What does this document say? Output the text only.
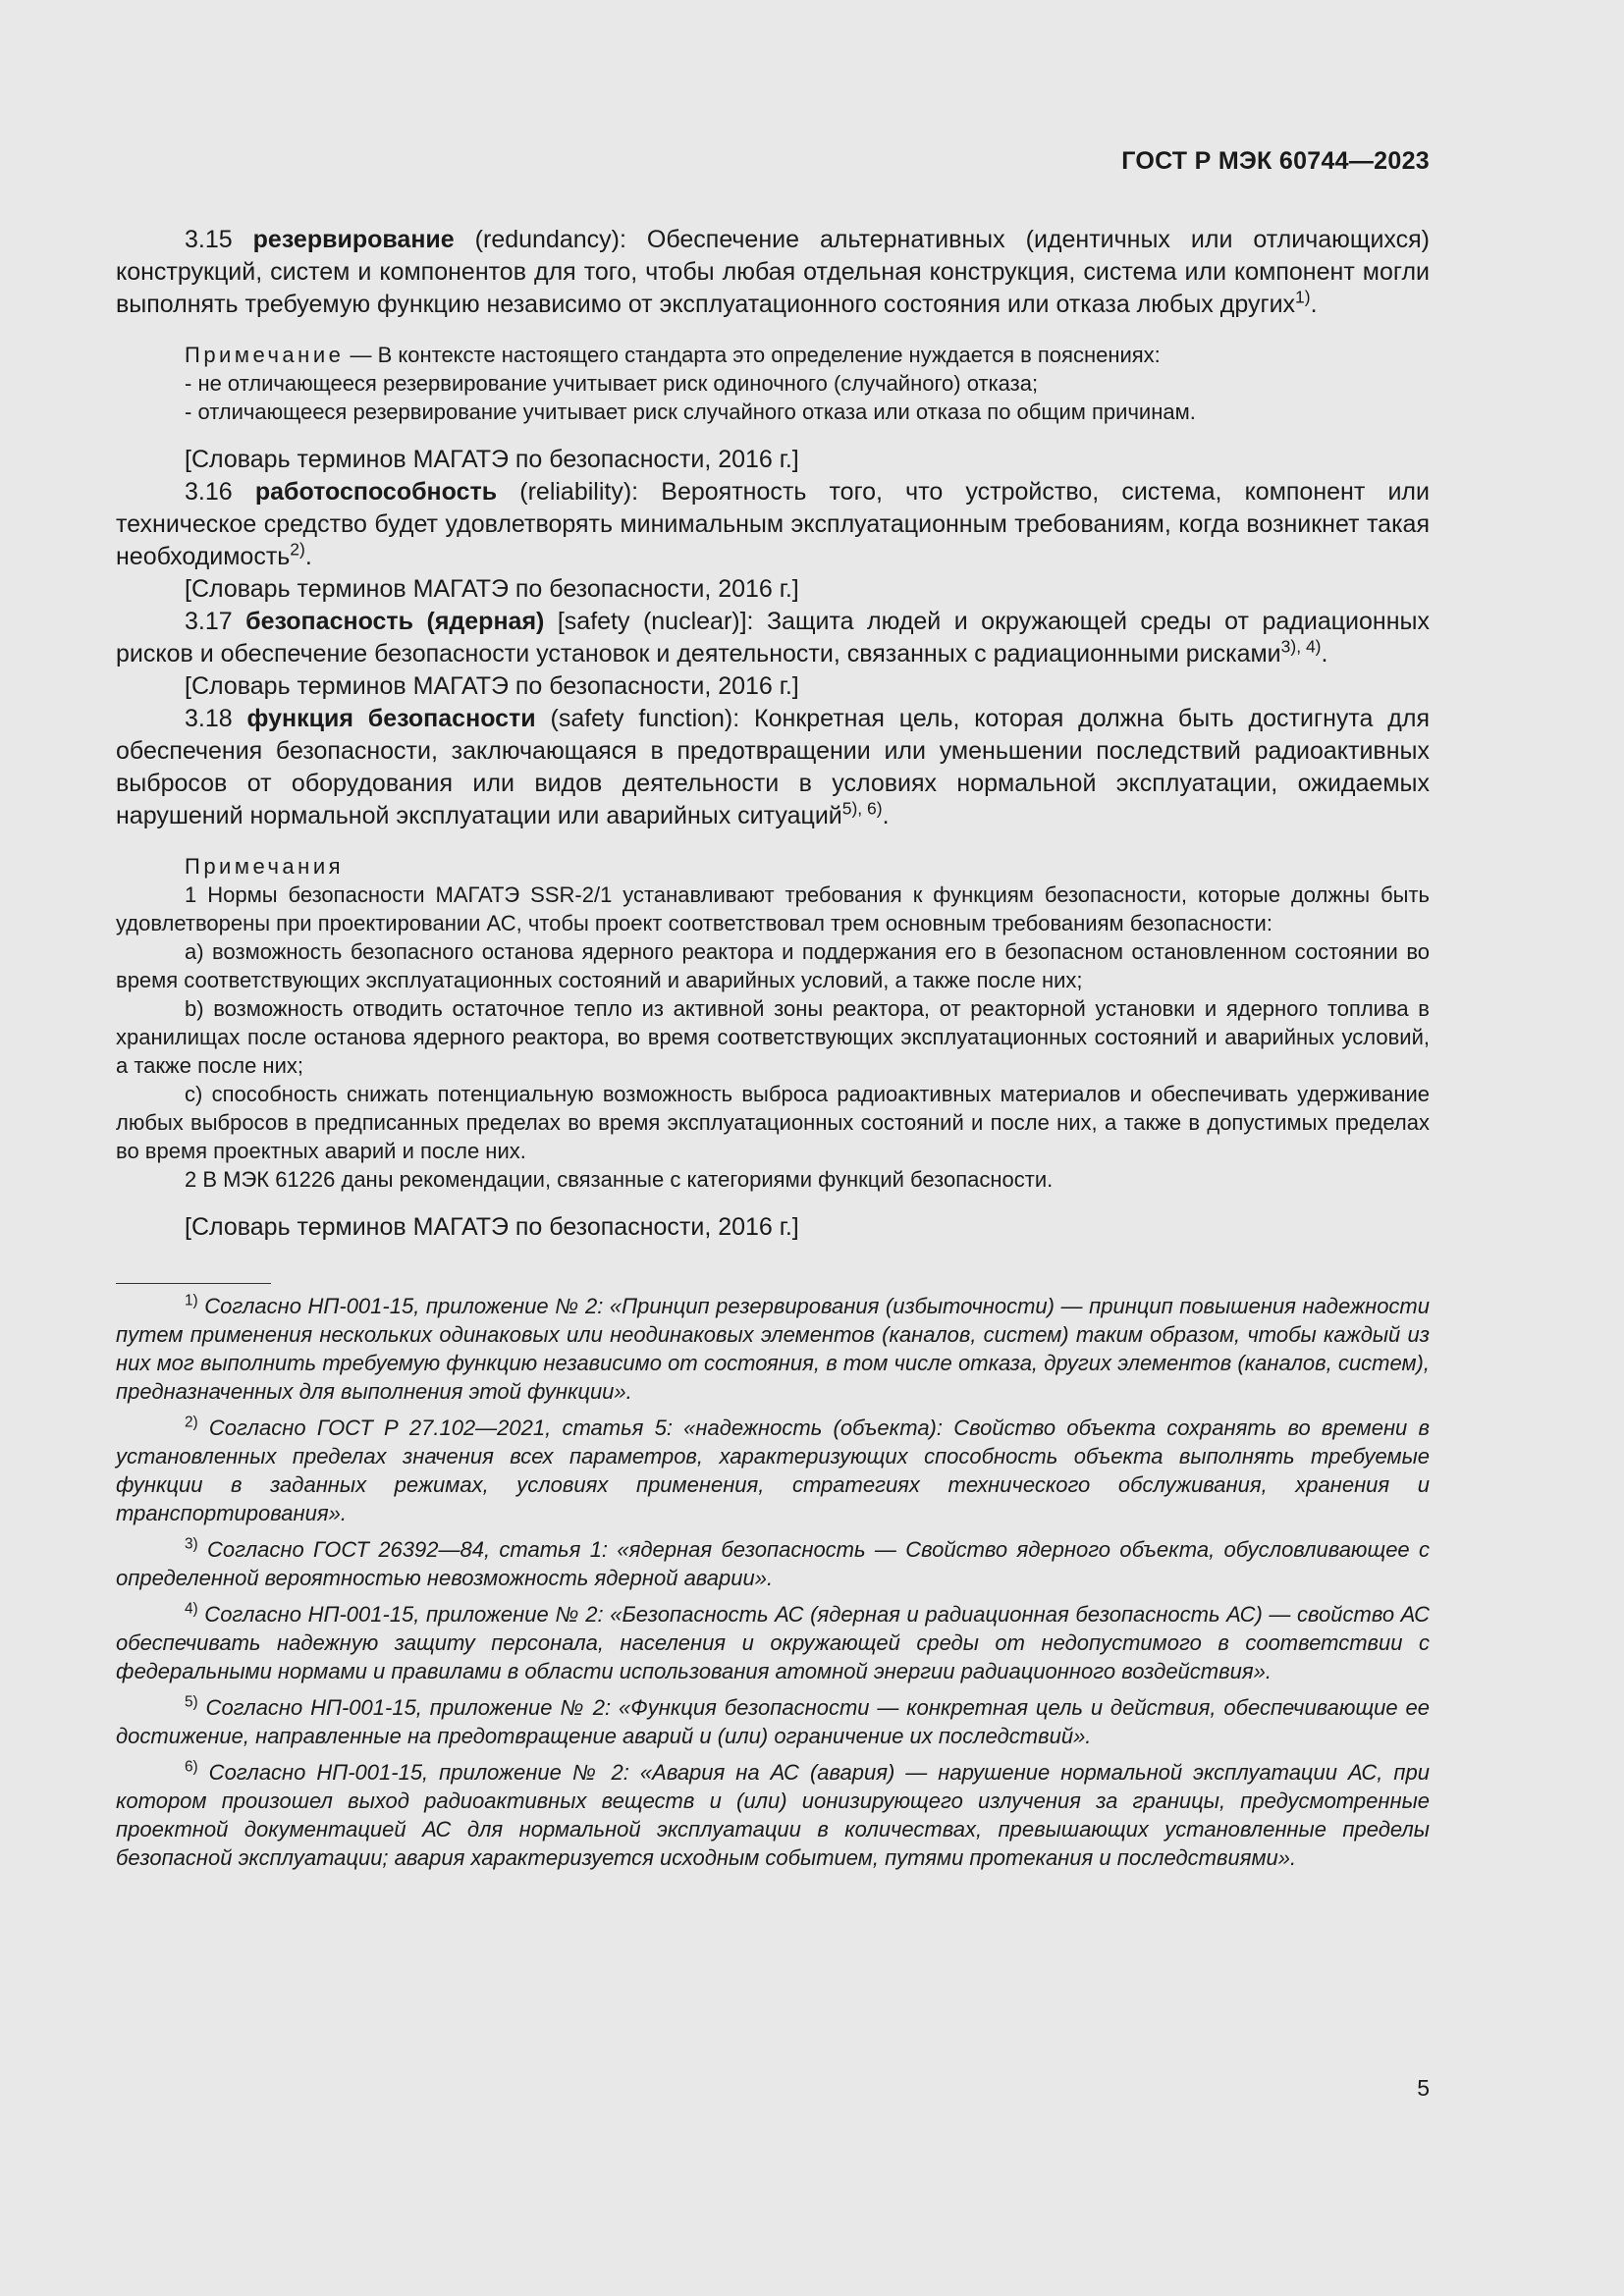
ГОСТ Р МЭК 60744—2023

3.15 резервирование (redundancy): Обеспечение альтернативных (идентичных или отличающихся) конструкций, систем и компонентов для того, чтобы любая отдельная конструкция, система или компонент могли выполнять требуемую функцию независимо от эксплуатационного состояния или отказа любых других$^{1)}$.

Примечание — В контексте настоящего стандарта это определение нуждается в пояснениях:

- не отличающееся резервирование учитывает риск одиночного (случайного) отказа;

- отличающееся резервирование учитывает риск случайного отказа или отказа по общим причинам.

[Словарь терминов МАГАТЭ по безопасности, 2016 г.]

3.16 работоспособность (reliability): Вероятность того, что устройство, система, компонент или техническое средство будет удовлетворять минимальным эксплуатационным требованиям, когда возникнет такая необходимость$^{2)}$.

[Словарь терминов МАГАТЭ по безопасности, 2016 г.]

3.17 безопасность (ядерная) [safety (nuclear)]: Защита людей и окружающей среды от радиационных рисков и обеспечение безопасности установок и деятельности, связанных с радиационными рисками$^{3), 4)}$.

[Словарь терминов МАГАТЭ по безопасности, 2016 г.]

3.18 функция безопасности (safety function): Конкретная цель, которая должна быть достигнута для обеспечения безопасности, заключающаяся в предотвращении или уменьшении последствий радиоактивных выбросов от оборудования или видов деятельности в условиях нормальной эксплуатации, ожидаемых нарушений нормальной эксплуатации или аварийных ситуаций$^{5), 6)}$.

Примечания

1 Нормы безопасности МАГАТЭ SSR-2/1 устанавливают требования к функциям безопасности, которые должны быть удовлетворены при проектировании АС, чтобы проект соответствовал трем основным требованиям безопасности:

a) возможность безопасного останова ядерного реактора и поддержания его в безопасном остановленном состоянии во время соответствующих эксплуатационных состояний и аварийных условий, а также после них;

b) возможность отводить остаточное тепло из активной зоны реактора, от реакторной установки и ядерного топлива в хранилищах после останова ядерного реактора, во время соответствующих эксплуатационных состояний и аварийных условий, а также после них;

c) способность снижать потенциальную возможность выброса радиоактивных материалов и обеспечивать удерживание любых выбросов в предписанных пределах во время эксплуатационных состояний и после них, а также в допустимых пределах во время проектных аварий и после них.

2 В МЭК 61226 даны рекомендации, связанные с категориями функций безопасности.

[Словарь терминов МАГАТЭ по безопасности, 2016 г.]

$^{1)}$ Согласно НП-001-15, приложение № 2: «Принцип резервирования (избыточности) — принцип повышения надежности путем применения нескольких одинаковых или неодинаковых элементов (каналов, систем) таким образом, чтобы каждый из них мог выполнить требуемую функцию независимо от состояния, в том числе отказа, других элементов (каналов, систем), предназначенных для выполнения этой функции».

$^{2)}$ Согласно ГОСТ Р 27.102—2021, статья 5: «надежность (объекта): Свойство объекта сохранять во времени в установленных пределах значения всех параметров, характеризующих способность объекта выполнять требуемые функции в заданных режимах, условиях применения, стратегиях технического обслуживания, хранения и транспортирования».

$^{3)}$ Согласно ГОСТ 26392—84, статья 1: «ядерная безопасность — Свойство ядерного объекта, обусловливающее с определенной вероятностью невозможность ядерной аварии».

$^{4)}$ Согласно НП-001-15, приложение № 2: «Безопасность АС (ядерная и радиационная безопасность АС) — свойство АС обеспечивать надежную защиту персонала, населения и окружающей среды от недопустимого в соответствии с федеральными нормами и правилами в области использования атомной энергии радиационного воздействия».

$^{5)}$ Согласно НП-001-15, приложение № 2: «Функция безопасности — конкретная цель и действия, обеспечивающие ее достижение, направленные на предотвращение аварий и (или) ограничение их последствий».

$^{6)}$ Согласно НП-001-15, приложение № 2: «Авария на АС (авария) — нарушение нормальной эксплуатации АС, при котором произошел выход радиоактивных веществ и (или) ионизирующего излучения за границы, предусмотренные проектной документацией АС для нормальной эксплуатации в количествах, превышающих установленные пределы безопасной эксплуатации; авария характеризуется исходным событием, путями протекания и последствиями».

5
